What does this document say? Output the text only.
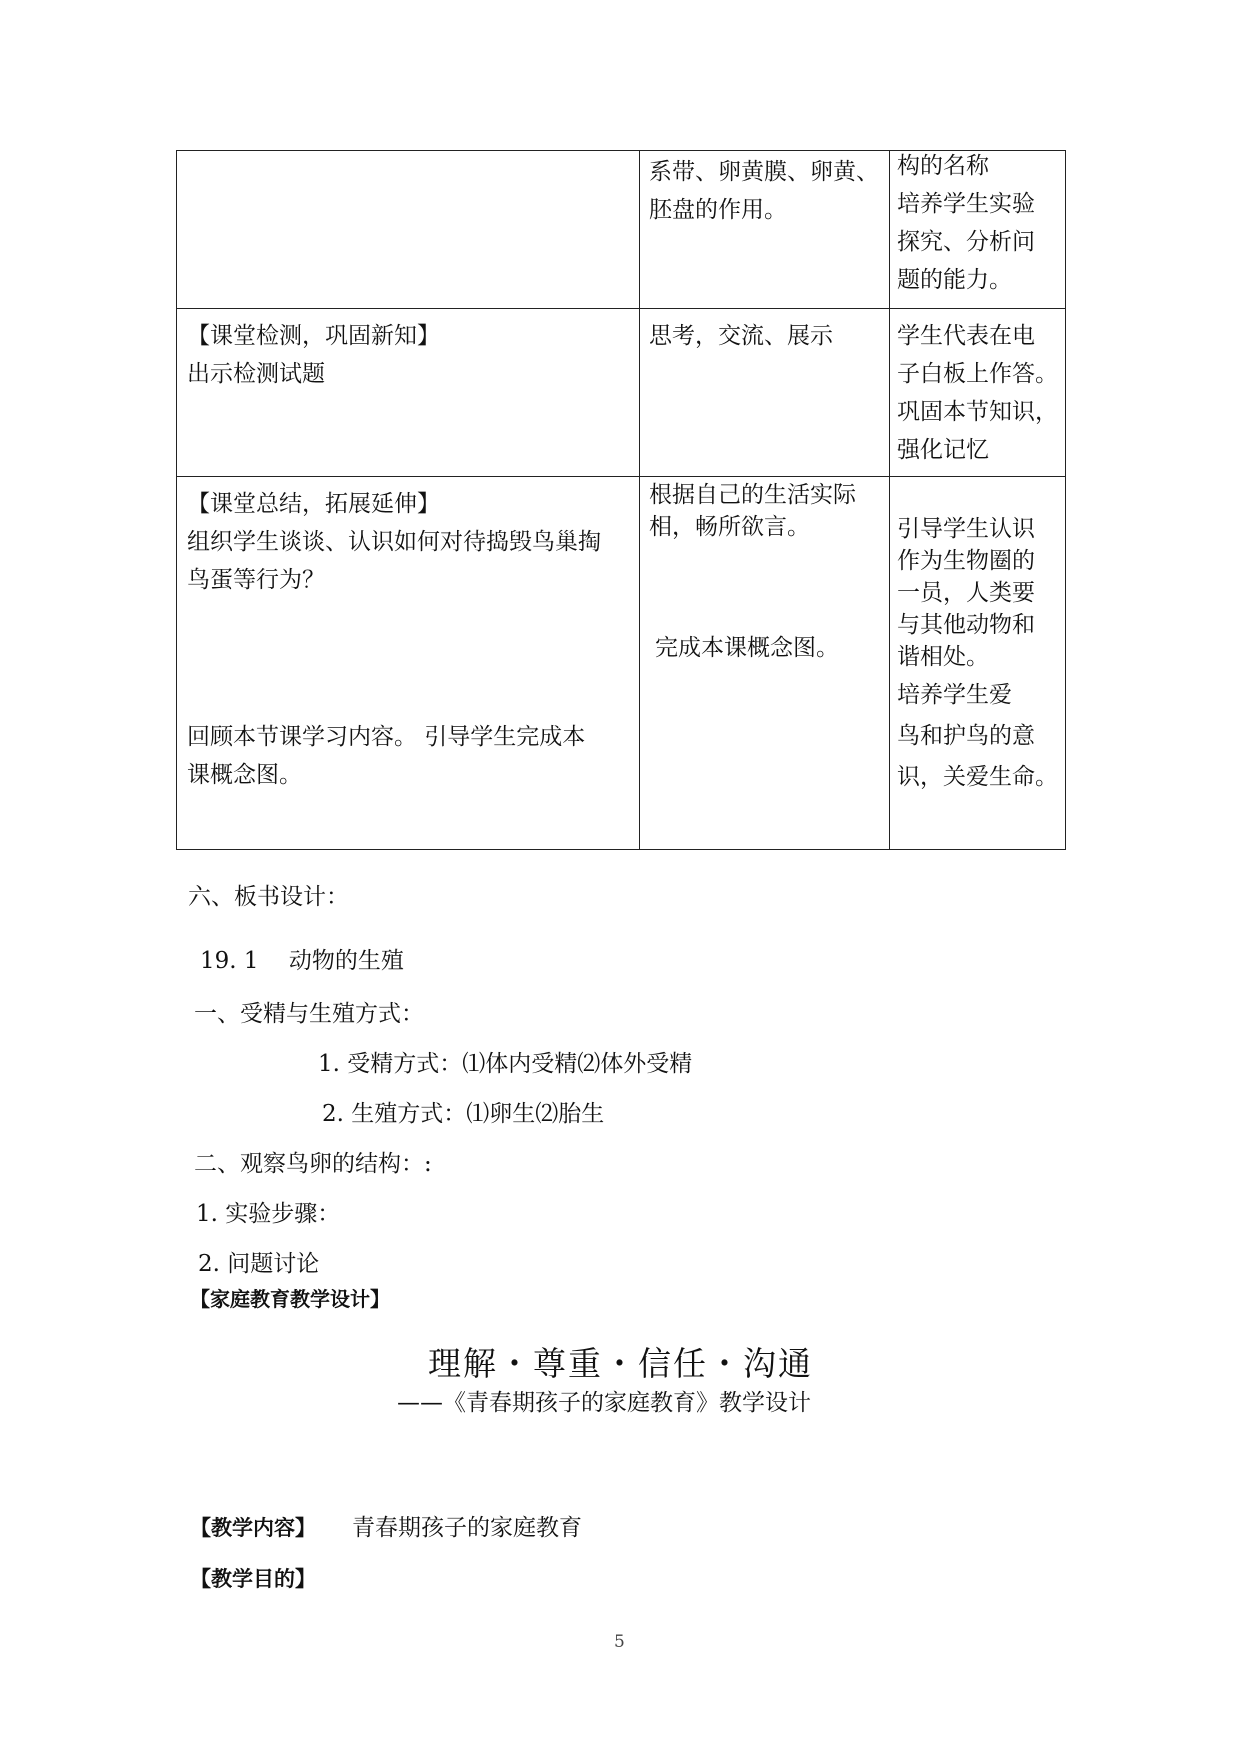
系带、卵黄膜、卵黄、
胚盘的作用。
构的名称
培养学生实验
探究、分析问
题的能力。
【课堂检测，巩固新知】
出示检测试题
思考，交流、展示	学生代表在电
子白板上作答。
巩固本节知识，
强化记忆
【课堂总结，拓展延伸】
组织学生谈谈、认识如何对待捣毁鸟巢掏
鸟蛋等行为？
回顾本节课学习内容。 引导学生完成本
课概念图。
根据自己的生活实际
相，畅所欲言。
完成本课概念图。
引导学生认识
作为生物圈的
一员，人类要
与其他动物和
谐相处。
培养学生爱
鸟和护鸟的意
识，关爱生命。
六、板书设计：
19. 1　 动物的生殖
一、受精与生殖方式：
1. 受精方式：⑴体内受精⑵体外受精
2. 生殖方式：⑴卵生⑵胎生
二、观察鸟卵的结构：:
1. 实验步骤：
2. 问题讨论
【家庭教育教学设计】
理解・尊重・信任・沟通
——《青春期孩子的家庭教育》教学设计
【教学内容】 青春期孩子的家庭教育
【教学目的】
5
